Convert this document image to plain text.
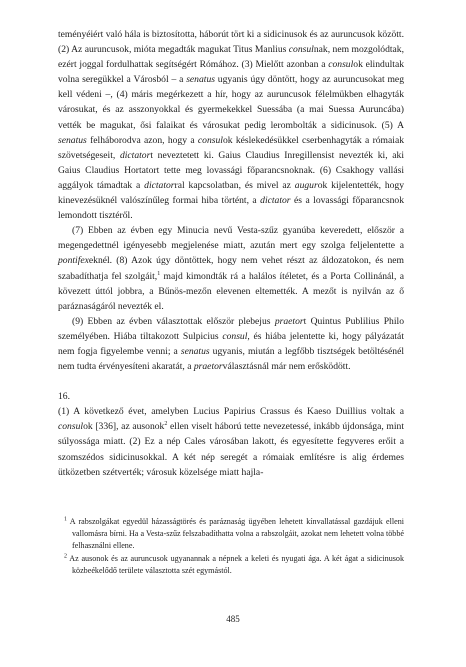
teményéiért való hála is biztosította, háborút tört ki a sidicinusok és az auruncusok között. (2) Az auruncusok, mióta megadták magukat Titus Manlius consulnak, nem mozgolódtak, ezért joggal fordulhattak segítségért Rómához. (3) Mielőtt azonban a consulok elindultak volna seregükkel a Városból – a senatus ugyanis úgy döntött, hogy az auruncusokat meg kell védeni –, (4) máris megérkezett a hír, hogy az auruncusok félelmükben elhagyták városukat, és az asszonyokkal és gyermekekkel Suessába (a mai Suessa Auruncába) vették be magukat, ősi falaikat és városukat pedig lerombolták a sidicinusok. (5) A senatus felháborodva azon, hogy a consulok késlekedésükkel cserbenhagyták a rómaiak szövetségeseit, dictatort neveztetett ki. Gaius Claudius Inregillensist nevezték ki, aki Gaius Claudius Hortatort tette meg lovassági főparancsnoknak. (6) Csakhogy vallási aggályok támadtak a dictatorral kapcsolatban, és mivel az augurok kijelentették, hogy kinevezésüknél valószínűleg formai hiba történt, a dictator és a lovassági főparancsnok lemondott tisztéről.

(7) Ebben az évben egy Minucia nevű Vesta-szűz gyanúba keveredett, először a megengedettnél igényesebb megjelenése miatt, azután mert egy szolga feljelentette a pontifexeknél. (8) Azok úgy döntöttek, hogy nem vehet részt az áldozatokon, és nem szabadíthatja fel szolgáit,$^1$ majd kimondták rá a halálos ítéletet, és a Porta Collinánál, a kövezett úttól jobbra, a Bűnös-mezőn elevenen eltemették. A mezőt is nyilván az ő paráznaságáról nevezték el.

(9) Ebben az évben választottak először plebejus praetort Quintus Publilius Philo személyében. Hiába tiltakozott Sulpicius consul, és hiába jelentette ki, hogy pályázatát nem fogja figyelembe venni; a senatus ugyanis, miután a legfőbb tisztségek betöltésénél nem tudta érvényesíteni akaratát, a praetorválasztásnál már nem erősködött.

16.

(1) A következő évet, amelyben Lucius Papirius Crassus és Kaeso Duillius voltak a consulok [336], az ausonok$^2$ ellen viselt háború tette nevezetessé, inkább újdonsága, mint súlyossága miatt. (2) Ez a nép Cales városában lakott, és egyesítette fegyveres erőit a szomszédos sidicinusokkal. A két nép seregét a rómaiak említésre is alig érdemes ütközetben szétverték; városuk közelsége miatt hajla-

$^1$ A rabszolgákat egyedül házasságtörés és paráznaság ügyében lehetett kínvallatással gazdájuk elleni vallomásra bírni. Ha a Vesta-szűz felszabadíthatta volna a rabszolgáit, azokat nem lehetett volna többé felhasználni ellene.

$^2$ Az ausonok és az auruncusok ugyanannak a népnek a keleti és nyugati ága. A két ágat a sidicinusok közbeékelődő területe választotta szét egymástól.

485
